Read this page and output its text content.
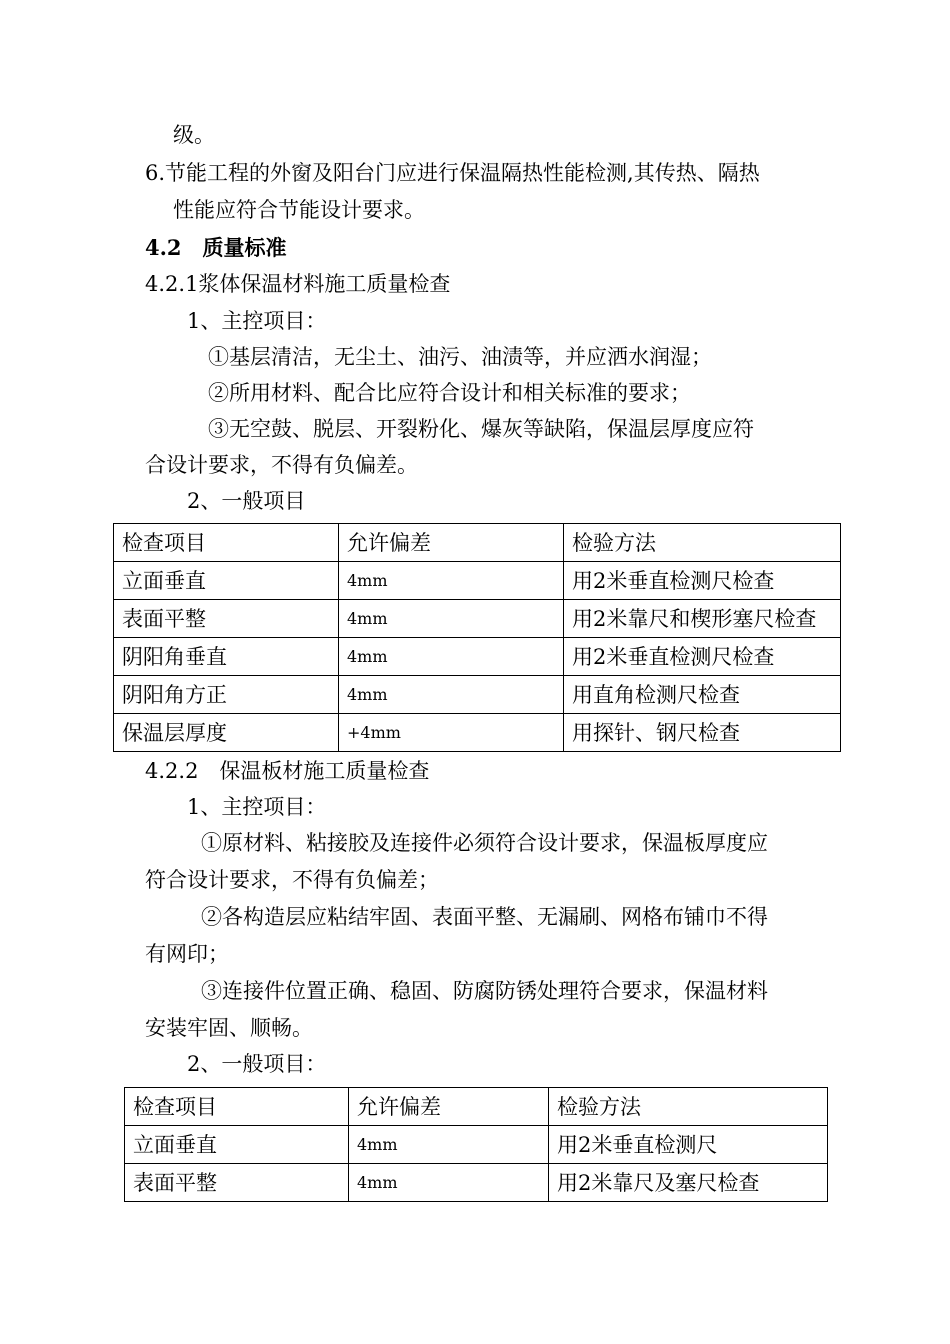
级。
6.节能工程的外窗及阳台门应进行保温隔热性能检测,其传热、隔热
性能应符合节能设计要求。
4.2　质量标准
4.2.1浆体保温材料施工质量检查
1、主控项目：
①基层清洁，无尘土、油污、油渍等，并应洒水润湿；
②所用材料、配合比应符合设计和相关标准的要求；
③无空鼓、脱层、开裂粉化、爆灰等缺陷，保温层厚度应符
合设计要求，不得有负偏差。
2、一般项目
检查项目	允许偏差	检验方法
立面垂直	4mm	用2米垂直检测尺检查
表面平整	4mm	用2米靠尺和楔形塞尺检查
阴阳角垂直	4mm	用2米垂直检测尺检查
阴阳角方正	4mm	用直角检测尺检查
保温层厚度	+4mm	用探针、钢尺检查
4.2.2　保温板材施工质量检查
1、主控项目：
①原材料、粘接胶及连接件必须符合设计要求，保温板厚度应
符合设计要求，不得有负偏差；
②各构造层应粘结牢固、表面平整、无漏刷、网格布铺巾不得
有网印；
③连接件位置正确、稳固、防腐防锈处理符合要求，保温材料
安装牢固、顺畅。
2、一般项目：
检查项目	允许偏差	检验方法
立面垂直	4mm	用2米垂直检测尺
表面平整	4mm	用2米靠尺及塞尺检查
